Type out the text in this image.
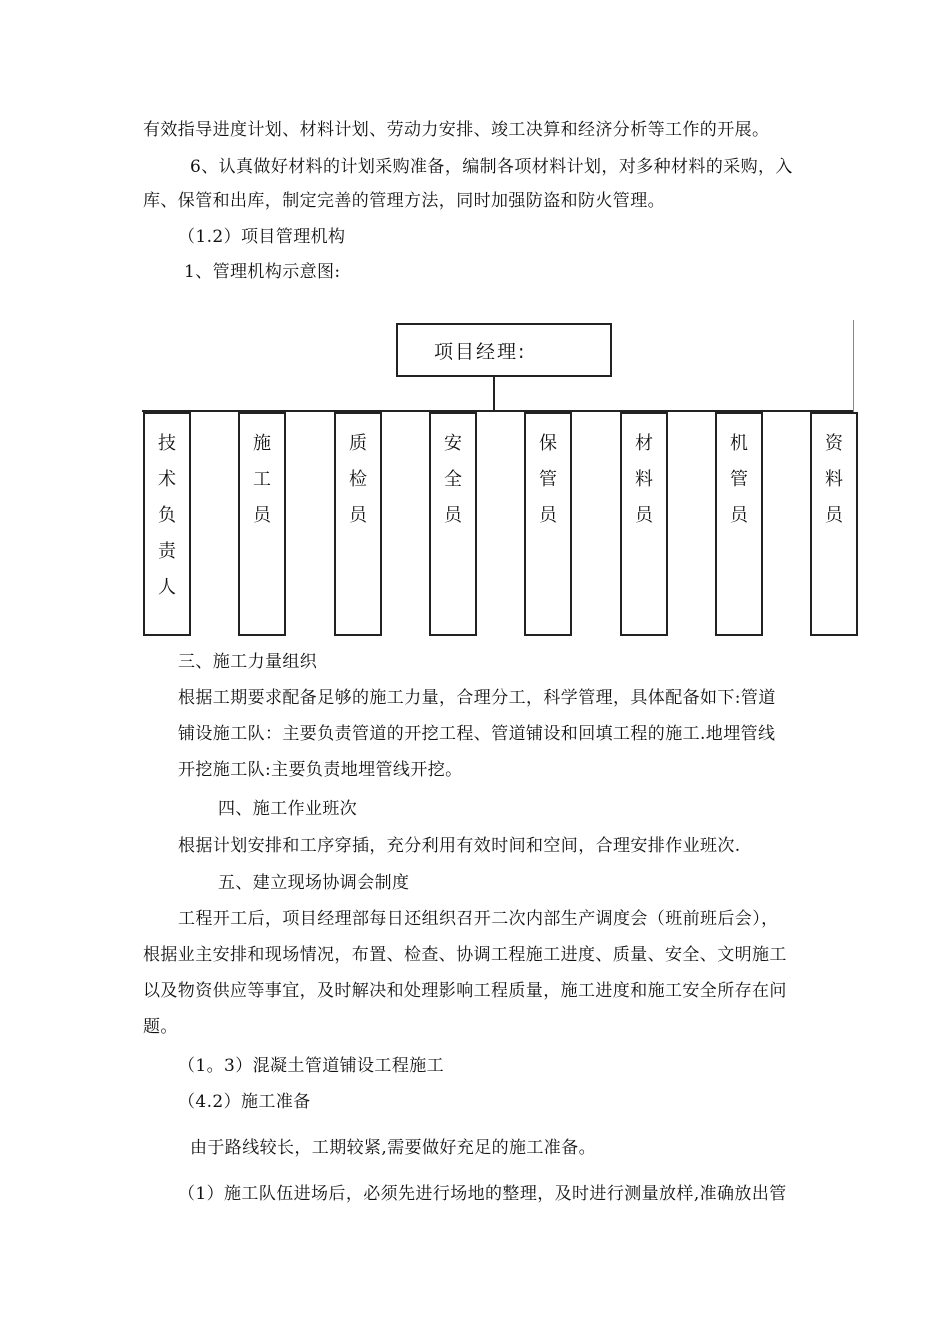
有效指导进度计划、材料计划、劳动力安排、竣工决算和经济分析等工作的开展。
6、认真做好材料的计划采购准备，编制各项材料计划，对多种材料的采购，入
库、保管和出库，制定完善的管理方法，同时加强防盗和防火管理。
（1.2）项目管理机构
1、管理机构示意图:
项目经理:
技
术
负
责
人
施
工
员
质
检
员
安
全
员
保
管
员
材
料
员
机
管
员
资
料
员
三、施工力量组织
根据工期要求配备足够的施工力量，合理分工，科学管理，具体配备如下:管道
铺设施工队：主要负责管道的开挖工程、管道铺设和回填工程的施工.地埋管线
开挖施工队:主要负责地埋管线开挖。
四、施工作业班次
根据计划安排和工序穿插，充分利用有效时间和空间，合理安排作业班次.
五、建立现场协调会制度
工程开工后，项目经理部每日还组织召开二次内部生产调度会（班前班后会），
根据业主安排和现场情况，布置、检查、协调工程施工进度、质量、安全、文明施工
以及物资供应等事宜，及时解决和处理影响工程质量，施工进度和施工安全所存在问
题。
（1。3）混凝土管道铺设工程施工
（4.2）施工准备
由于路线较长，工期较紧,需要做好充足的施工准备。
（1）施工队伍进场后，必须先进行场地的整理，及时进行测量放样,准确放出管
